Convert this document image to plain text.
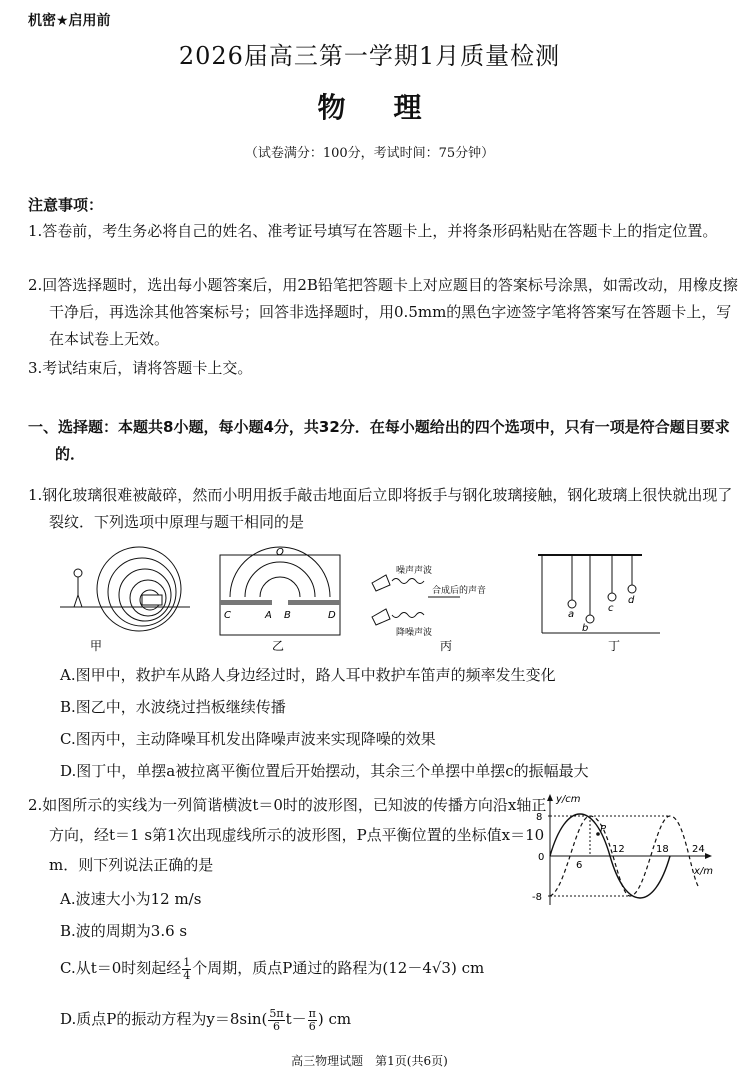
机密★启用前
2026届高三第一学期1月质量检测
物理
（试卷满分：100分，考试时间：75分钟）
注意事项：
1.答卷前，考生务必将自己的姓名、准考证号填写在答题卡上，并将条形码粘贴在答题卡上的指定位置。
2.回答选择题时，选出每小题答案后，用2B铅笔把答题卡上对应题目的答案标号涂黑，如需改动，用橡皮擦干净后，再选涂其他答案标号；回答非选择题时，用0.5mm的黑色字迹签字笔将答案写在答题卡上，写在本试卷上无效。
3.考试结束后，请将答题卡上交。
一、选择题：本题共8小题，每小题4分，共32分．在每小题给出的四个选项中，只有一项是符合题目要求的．
1.钢化玻璃很难被敲碎，然而小明用扳手敲击地面后立即将扳手与钢化玻璃接触，钢化玻璃上很快就出现了裂纹．下列选项中原理与题干相同的是
甲
O
C	A B	D
乙
噪声声波
合成后的声音
降噪声波
丙
a
b
c
d
丁
A.图甲中，救护车从路人身边经过时，路人耳中救护车笛声的频率发生变化
B.图乙中，水波绕过挡板继续传播
C.图丙中，主动降噪耳机发出降噪声波来实现降噪的效果
D.图丁中，单摆a被拉离平衡位置后开始摆动，其余三个单摆中单摆c的振幅最大
2.如图所示的实线为一列简谐横波t＝0时的波形图，已知波的传播方向沿x轴正方向，经t＝1 s第1次出现虚线所示的波形图，P点平衡位置的坐标值x＝10 m．则下列说法正确的是
P
y/cm
x/m
8
0
-8
6
12	18 24
A.波速大小为12 m/s
B.波的周期为3.6 s
C.从t＝0时刻起经 $\frac{1}{4}$ 个周期，质点P通过的路程为(12－4√3) cm
D.质点P的振动方程为$y=8\sin( \frac{5\pi}{6} t- \frac{\pi}{6}$ ) cm
高三物理试题　第1页(共6页)
